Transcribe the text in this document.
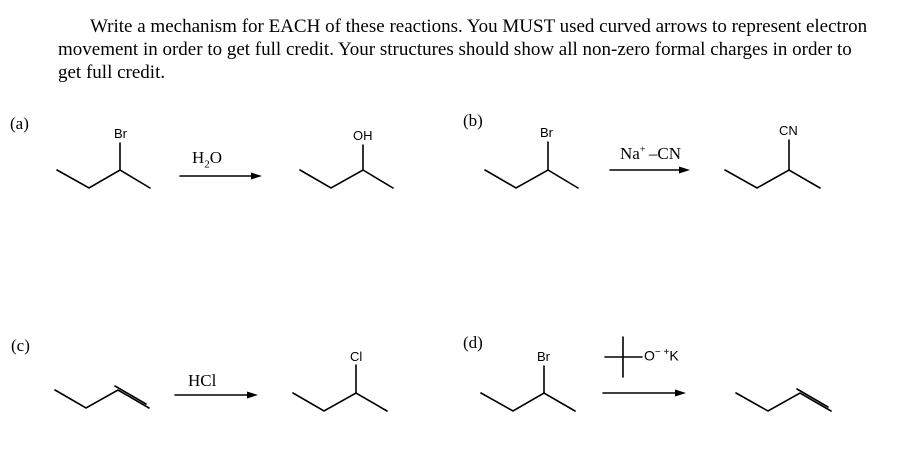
Write a mechanism for EACH of these reactions. You MUST used curved arrows to represent electron movement in order to get full credit. Your structures should show all non-zero formal charges in order to get full credit.

(a)	(b)
(c)	(d)
Br
$H_2O$
OH	Br
Na+ –CN
CN
HCl
Cl	Br	O−  +K
